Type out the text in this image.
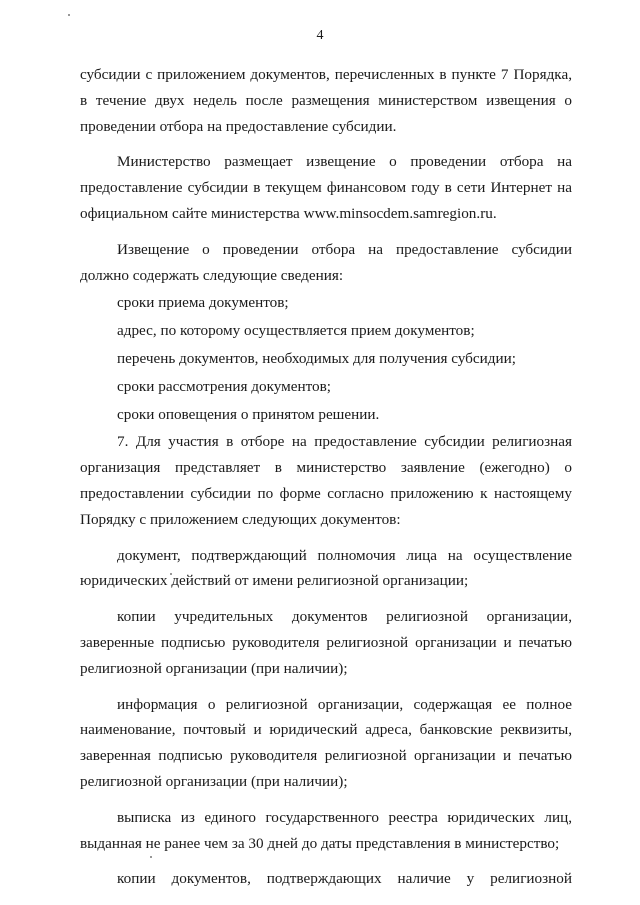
4
субсидии с приложением документов, перечисленных в пункте 7 Порядка,
в течение двух недель после размещения министерством извещения о
проведении отбора на предоставление субсидии.
Министерство размещает извещение о проведении отбора на
предоставление субсидии в текущем финансовом году в сети Интернет на
официальном сайте министерства www.minsocdem.samregion.ru.
Извещение о проведении отбора на предоставление субсидии
должно содержать следующие сведения:
сроки приема документов;
адрес, по которому осуществляется прием документов;
перечень документов, необходимых для получения субсидии;
сроки рассмотрения документов;
сроки оповещения о принятом решении.
7. Для участия в отборе на предоставление субсидии религиозная
организация представляет в министерство заявление (ежегодно) о
предоставлении субсидии по форме согласно приложению к настоящему
Порядку с приложением следующих документов:
документ, подтверждающий полномочия лица на осуществление
юридических действий от имени религиозной организации;
копии учредительных документов религиозной организации,
заверенные подписью руководителя религиозной организации и печатью
религиозной организации (при наличии);
информация о религиозной организации, содержащая ее полное
наименование, почтовый и юридический адреса, банковские реквизиты,
заверенная подписью руководителя религиозной организации и печатью
религиозной организации (при наличии);
выписка из единого государственного реестра юридических лиц,
выданная не ранее чем за 30 дней до даты представления в министерство;
копии документов, подтверждающих наличие у религиозной
